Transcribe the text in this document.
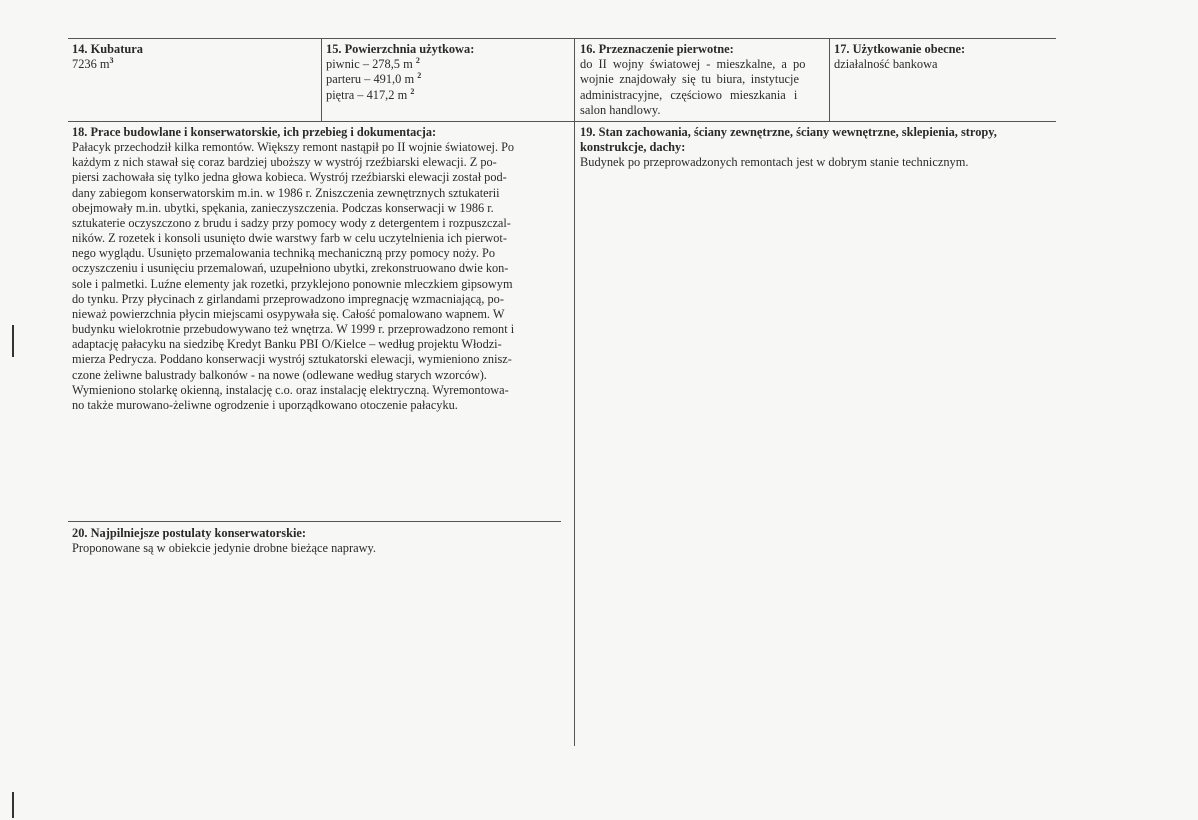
14. Kubatura
7236 $m^3$
15. Powierzchnia użytkowa:
piwnic – 278,5 m $^2$
parteru – 491,0 m $^2$
piętra – 417,2 m $^2$
16. Przeznaczenie pierwotne:
do II wojny światowej - mieszkalne, a po
wojnie znajdowały się tu biura, instytucje
administracyjne, częściowo mieszkania i
salon handlowy.
17. Użytkowanie obecne:
działalność bankowa
18. Prace budowlane i konserwatorskie, ich przebieg i dokumentacja:
Pałacyk przechodził kilka remontów. Większy remont nastąpił po II wojnie światowej. Po
każdym z nich stawał się coraz bardziej uboższy w wystrój rzeźbiarski elewacji. Z po-
piersi zachowała się tylko jedna głowa kobieca. Wystrój rzeźbiarski elewacji został pod-
dany zabiegom konserwatorskim m.in. w 1986 r. Zniszczenia zewnętrznych sztukaterii
obejmowały m.in. ubytki, spękania, zanieczyszczenia. Podczas konserwacji w 1986 r.
sztukaterie oczyszczono z brudu i sadzy przy pomocy wody z detergentem i rozpuszczal-
ników. Z rozetek i konsoli usunięto dwie warstwy farb w celu uczytelnienia ich pierwot-
nego wyglądu. Usunięto przemalowania techniką mechaniczną przy pomocy noży. Po
oczyszczeniu i usunięciu przemalowań, uzupełniono ubytki, zrekonstruowano dwie kon-
sole i palmetki. Luźne elementy jak rozetki, przyklejono ponownie mleczkiem gipsowym
do tynku. Przy płycinach z girlandami przeprowadzono impregnację wzmacniającą, po-
nieważ powierzchnia płycin miejscami osypywała się. Całość pomalowano wapnem. W
budynku wielokrotnie przebudowywano też wnętrza. W 1999 r. przeprowadzono remont i
adaptację pałacyku na siedzibę Kredyt Banku PBI O/Kielce – według projektu Włodzi-
mierza Pedrycza. Poddano konserwacji wystrój sztukatorski elewacji, wymieniono znisz-
czone żeliwne balustrady balkonów - na nowe (odlewane według starych wzorców).
Wymieniono stolarkę okienną, instalację c.o. oraz instalację elektryczną. Wyremontowa-
no także murowano-żeliwne ogrodzenie i uporządkowano otoczenie pałacyku.
19. Stan zachowania, ściany zewnętrzne, ściany wewnętrzne, sklepienia, stropy,
konstrukcje, dachy:
Budynek po przeprowadzonych remontach jest w dobrym stanie technicznym.
20. Najpilniejsze postulaty konserwatorskie:
Proponowane są w obiekcie jedynie drobne bieżące naprawy.
